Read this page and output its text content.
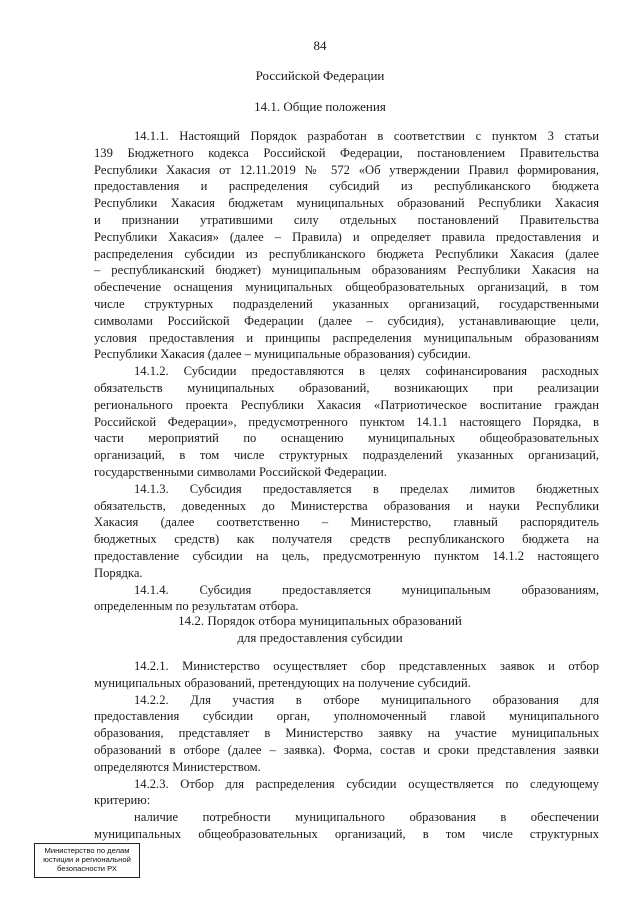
84
Российской Федерации
14.1. Общие положения
14.1.1. Настоящий Порядок разработан в соответствии с пунктом 3 статьи
139 Бюджетного кодекса Российской Федерации, постановлением Правительства
Республики Хакасия от 12.11.2019 № 572 «Об утверждении Правил формирования,
предоставления и распределения субсидий из республиканского бюджета
Республики Хакасия бюджетам муниципальных образований Республики Хакасия
и признании утратившими силу отдельных постановлений Правительства
Республики Хакасия» (далее – Правила) и определяет правила предоставления и
распределения субсидии из республиканского бюджета Республики Хакасия (далее
– республиканский бюджет) муниципальным образованиям Республики Хакасия на
обеспечение оснащения муниципальных общеобразовательных организаций, в том
числе структурных подразделений указанных организаций, государственными
символами Российской Федерации (далее – субсидия), устанавливающие цели,
условия предоставления и принципы распределения муниципальным образованиям
Республики Хакасия (далее – муниципальные образования) субсидии.
14.1.2. Субсидии предоставляются в целях софинансирования расходных
обязательств муниципальных образований, возникающих при реализации
регионального проекта Республики Хакасия «Патриотическое воспитание граждан
Российской Федерации», предусмотренного пунктом 14.1.1 настоящего Порядка, в
части мероприятий по оснащению муниципальных общеобразовательных
организаций, в том числе структурных подразделений указанных организаций,
государственными символами Российской Федерации.
14.1.3. Субсидия предоставляется в пределах лимитов бюджетных
обязательств, доведенных до Министерства образования и науки Республики
Хакасия (далее соответственно – Министерство, главный распорядитель
бюджетных средств) как получателя средств республиканского бюджета на
предоставление субсидии на цель, предусмотренную пунктом 14.1.2 настоящего
Порядка.
14.1.4. Субсидия предоставляется муниципальным образованиям,
определенным по результатам отбора.
14.2. Порядок отбора муниципальных образований
для предоставления субсидии
14.2.1. Министерство осуществляет сбор представленных заявок и отбор
муниципальных образований, претендующих на получение субсидий.
14.2.2. Для участия в отборе муниципального образования для
предоставления субсидии орган, уполномоченный главой муниципального
образования, представляет в Министерство заявку на участие муниципальных
образований в отборе (далее – заявка). Форма, состав и сроки представления заявки
определяются Министерством.
14.2.3. Отбор для распределения субсидии осуществляется по следующему
критерию:
наличие потребности муниципального образования в обеспечении
муниципальных общеобразовательных организаций, в том числе структурных
Министерство по делам
юстиции и региональной
безопасности РХ
